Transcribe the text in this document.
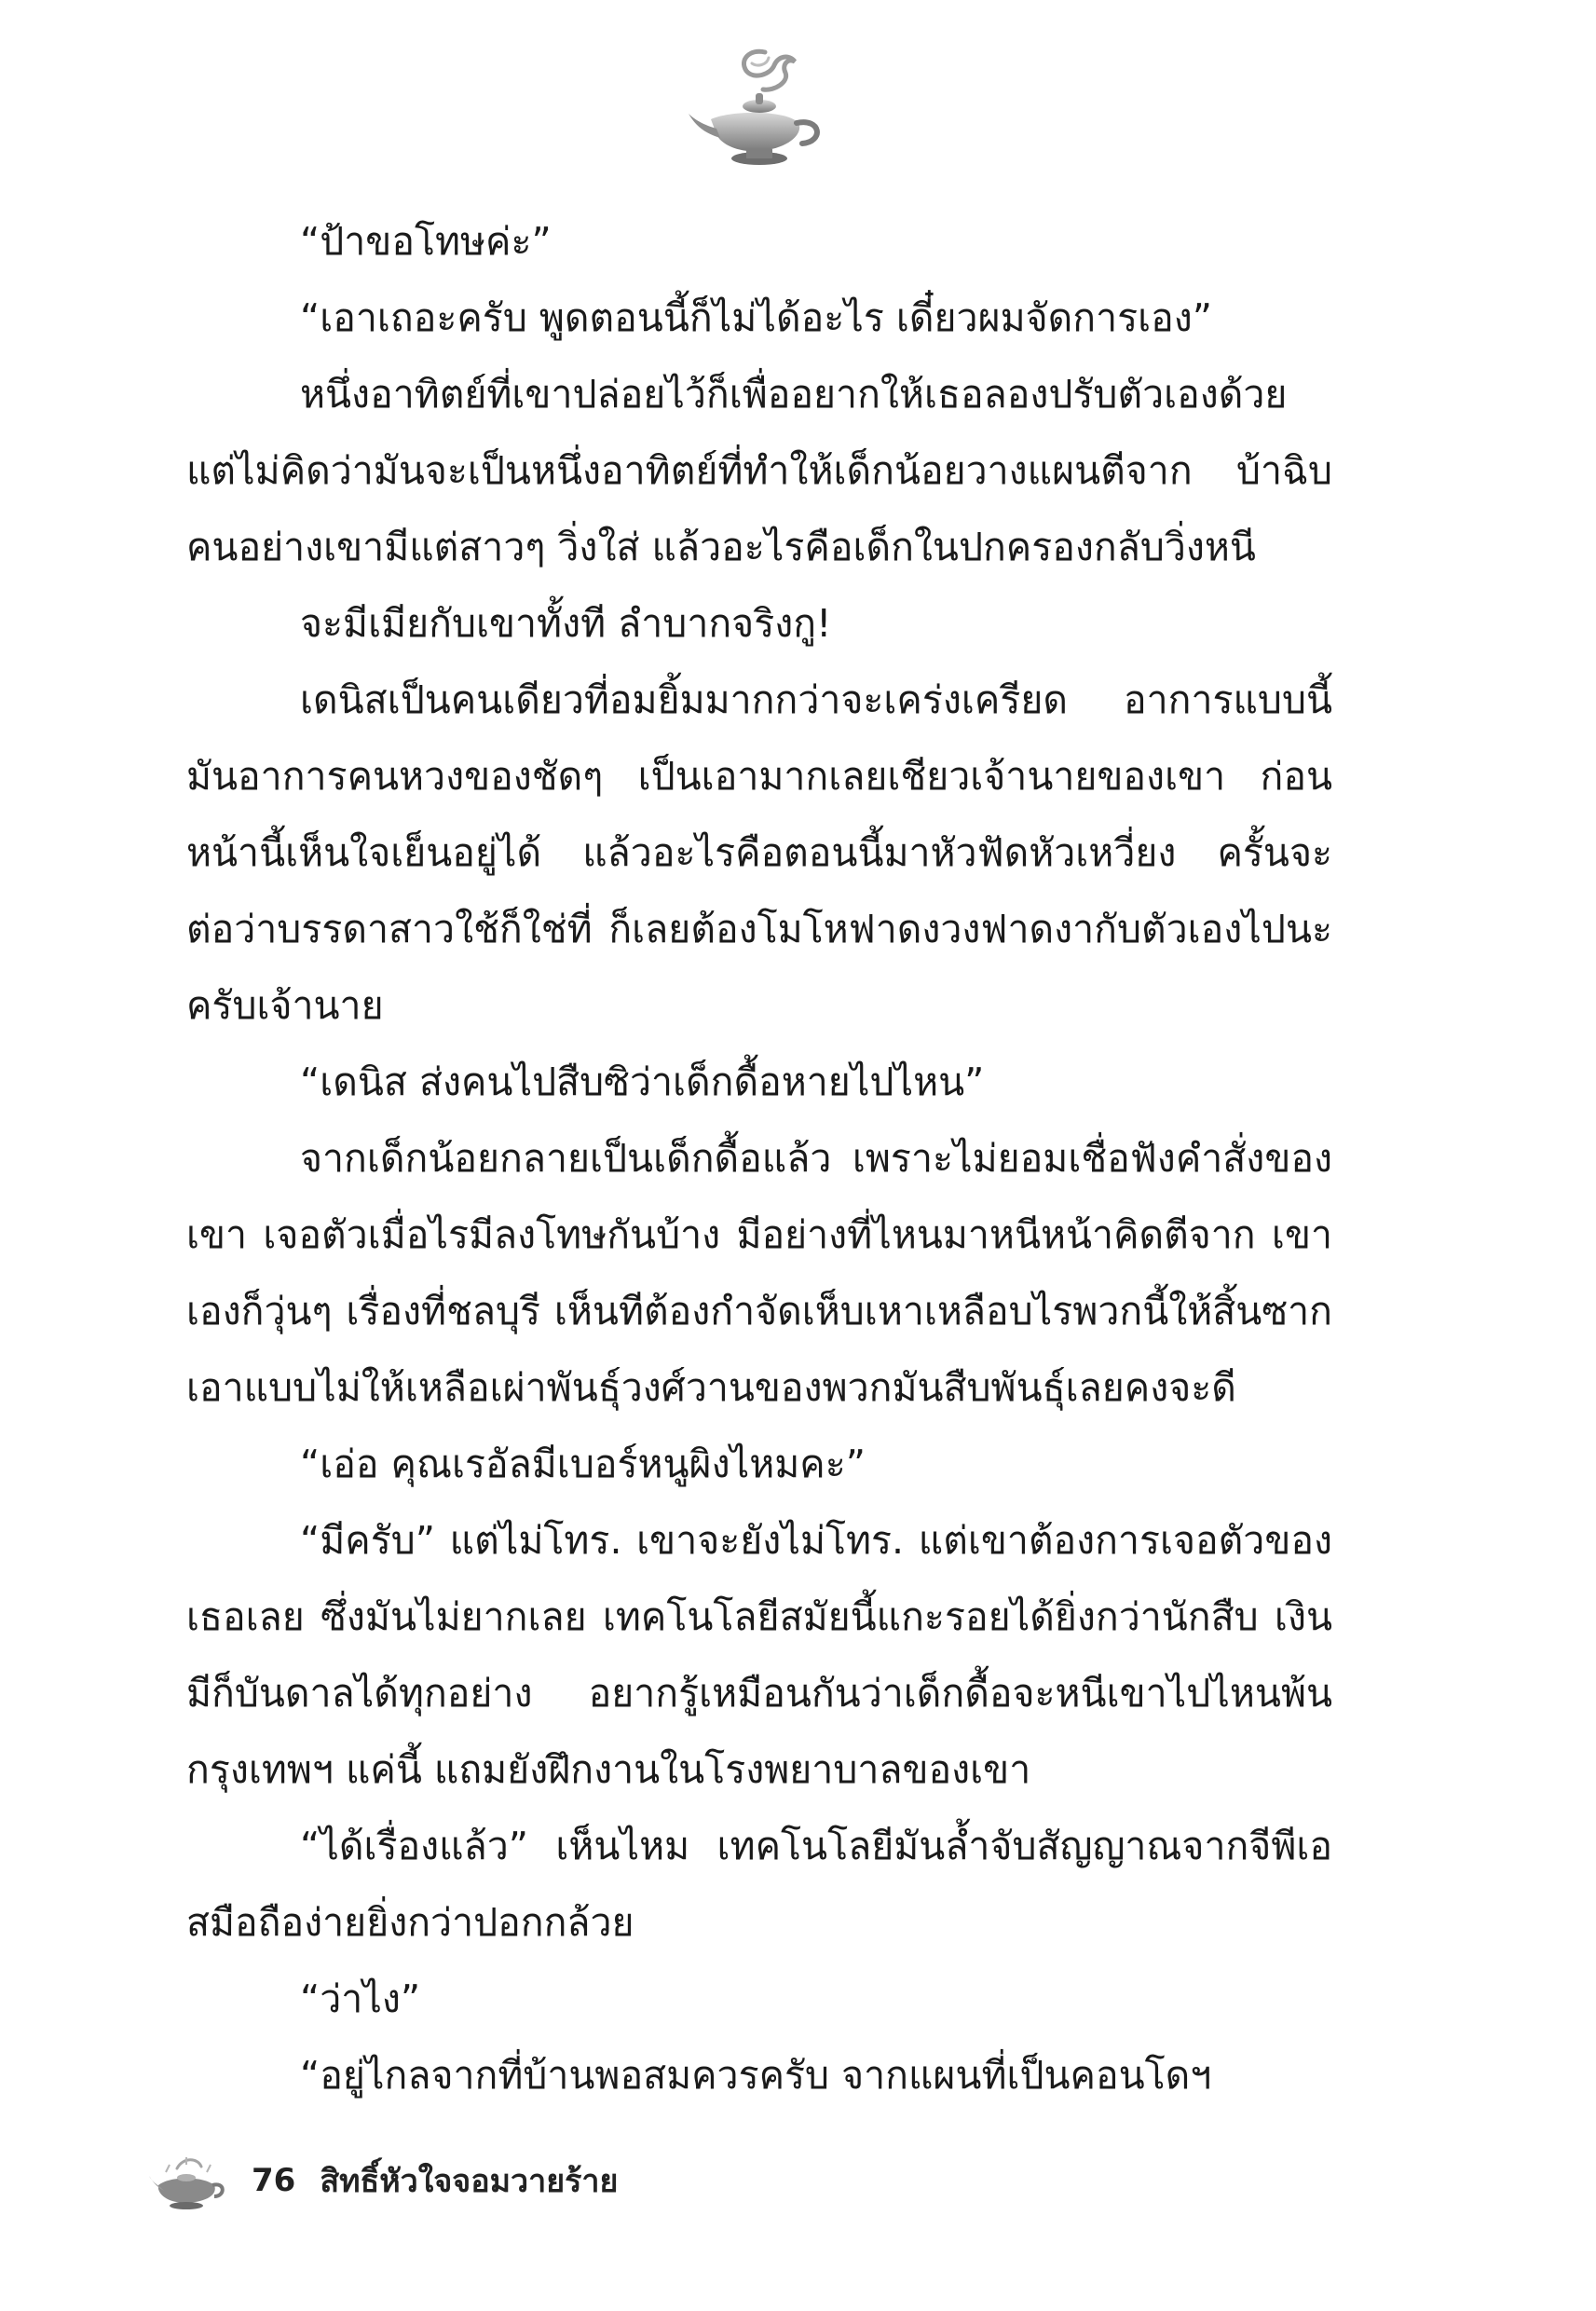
“ป้าขอโทษค่ะ”

“เอาเถอะครับ พูดตอนนี้ก็ไม่ได้อะไร เดี๋ยวผมจัดการเอง”

หนึ่งอาทิตย์ที่เขาปล่อยไว้ก็เพื่ออยากให้เธอลองปรับตัวเองด้วย แต่ไม่คิดว่ามันจะเป็นหนึ่งอาทิตย์ที่ทำให้เด็กน้อยวางแผนตีจาก บ้าฉิบ คนอย่างเขามีแต่สาวๆ วิ่งใส่ แล้วอะไรคือเด็กในปกครองกลับวิ่งหนี

จะมีเมียกับเขาทั้งที ลำบากจริงกู!

เดนิสเป็นคนเดียวที่อมยิ้มมากกว่าจะเคร่งเครียด อาการแบบนี้มันอาการคนหวงของชัดๆ เป็นเอามากเลยเชียวเจ้านายของเขา ก่อนหน้านี้เห็นใจเย็นอยู่ได้ แล้วอะไรคือตอนนี้มาหัวฟัดหัวเหวี่ยง ครั้นจะต่อว่าบรรดาสาวใช้ก็ใช่ที่ ก็เลยต้องโมโหฟาดงวงฟาดงากับตัวเองไปนะครับเจ้านาย

“เดนิส ส่งคนไปสืบซิว่าเด็กดื้อหายไปไหน”

จากเด็กน้อยกลายเป็นเด็กดื้อแล้ว เพราะไม่ยอมเชื่อฟังคำสั่งของเขา เจอตัวเมื่อไรมีลงโทษกันบ้าง มีอย่างที่ไหนมาหนีหน้าคิดตีจาก เขาเองก็วุ่นๆ เรื่องที่ชลบุรี เห็นทีต้องกำจัดเห็บเหาเหลือบไรพวกนี้ให้สิ้นซาก เอาแบบไม่ให้เหลือเผ่าพันธุ์วงศ์วานของพวกมันสืบพันธุ์เลยคงจะดี

“เอ่อ คุณเรอัลมีเบอร์หนูผิงไหมคะ”

“มีครับ” แต่ไม่โทร. เขาจะยังไม่โทร. แต่เขาต้องการเจอตัวของเธอเลย ซึ่งมันไม่ยากเลย เทคโนโลยีสมัยนี้แกะรอยได้ยิ่งกว่านักสืบ เงินมีก็บันดาลได้ทุกอย่าง อยากรู้เหมือนกันว่าเด็กดื้อจะหนีเขาไปไหนพ้น กรุงเทพฯ แค่นี้ แถมยังฝึกงานในโรงพยาบาลของเขา

“ได้เรื่องแล้ว” เห็นไหม เทคโนโลยีมันล้ำจับสัญญาณจากจีพีเอสมือถือง่ายยิ่งกว่าปอกกล้วย

“ว่าไง”

“อยู่ไกลจากที่บ้านพอสมควรครับ จากแผนที่เป็นคอนโดฯ

76 สิทธิ์หัวใจจอมวายร้าย
